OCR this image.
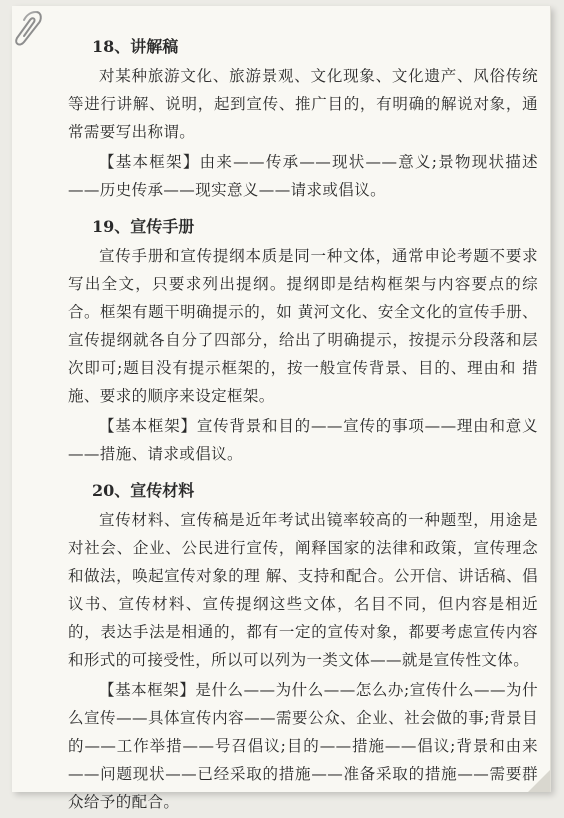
18、讲解稿

对某种旅游文化、旅游景观、文化现象、文化遗产、风俗传统等进行讲解、说明，起到宣传、推广目的，有明确的解说对象，通常需要写出称谓。

【基本框架】由来——传承——现状——意义;景物现状描述——历史传承——现实意义——请求或倡议。

19、宣传手册

宣传手册和宣传提纲本质是同一种文体，通常申论考题不要求写出全文，只要求列出提纲。提纲即是结构框架与内容要点的综合。框架有题干明确提示的，如 黄河文化、安全文化的宣传手册、宣传提纲就各自分了四部分，给出了明确提示，按提示分段落和层次即可;题目没有提示框架的，按一般宣传背景、目的、理由和 措施、要求的顺序来设定框架。

【基本框架】宣传背景和目的——宣传的事项——理由和意义——措施、请求或倡议。

20、宣传材料

宣传材料、宣传稿是近年考试出镜率较高的一种题型，用途是对社会、企业、公民进行宣传，阐释国家的法律和政策，宣传理念和做法，唤起宣传对象的理 解、支持和配合。公开信、讲话稿、倡议书、宣传材料、宣传提纲这些文体，名目不同，但内容是相近的，表达手法是相通的，都有一定的宣传对象，都要考虑宣传内容和形式的可接受性，所以可以列为一类文体——就是宣传性文体。

【基本框架】是什么——为什么——怎么办;宣传什么——为什么宣传——具体宣传内容——需要公众、企业、社会做的事;背景目的——工作举措——号召倡议;目的——措施——倡议;背景和由来——问题现状——已经采取的措施——准备采取的措施——需要群众给予的配合。
